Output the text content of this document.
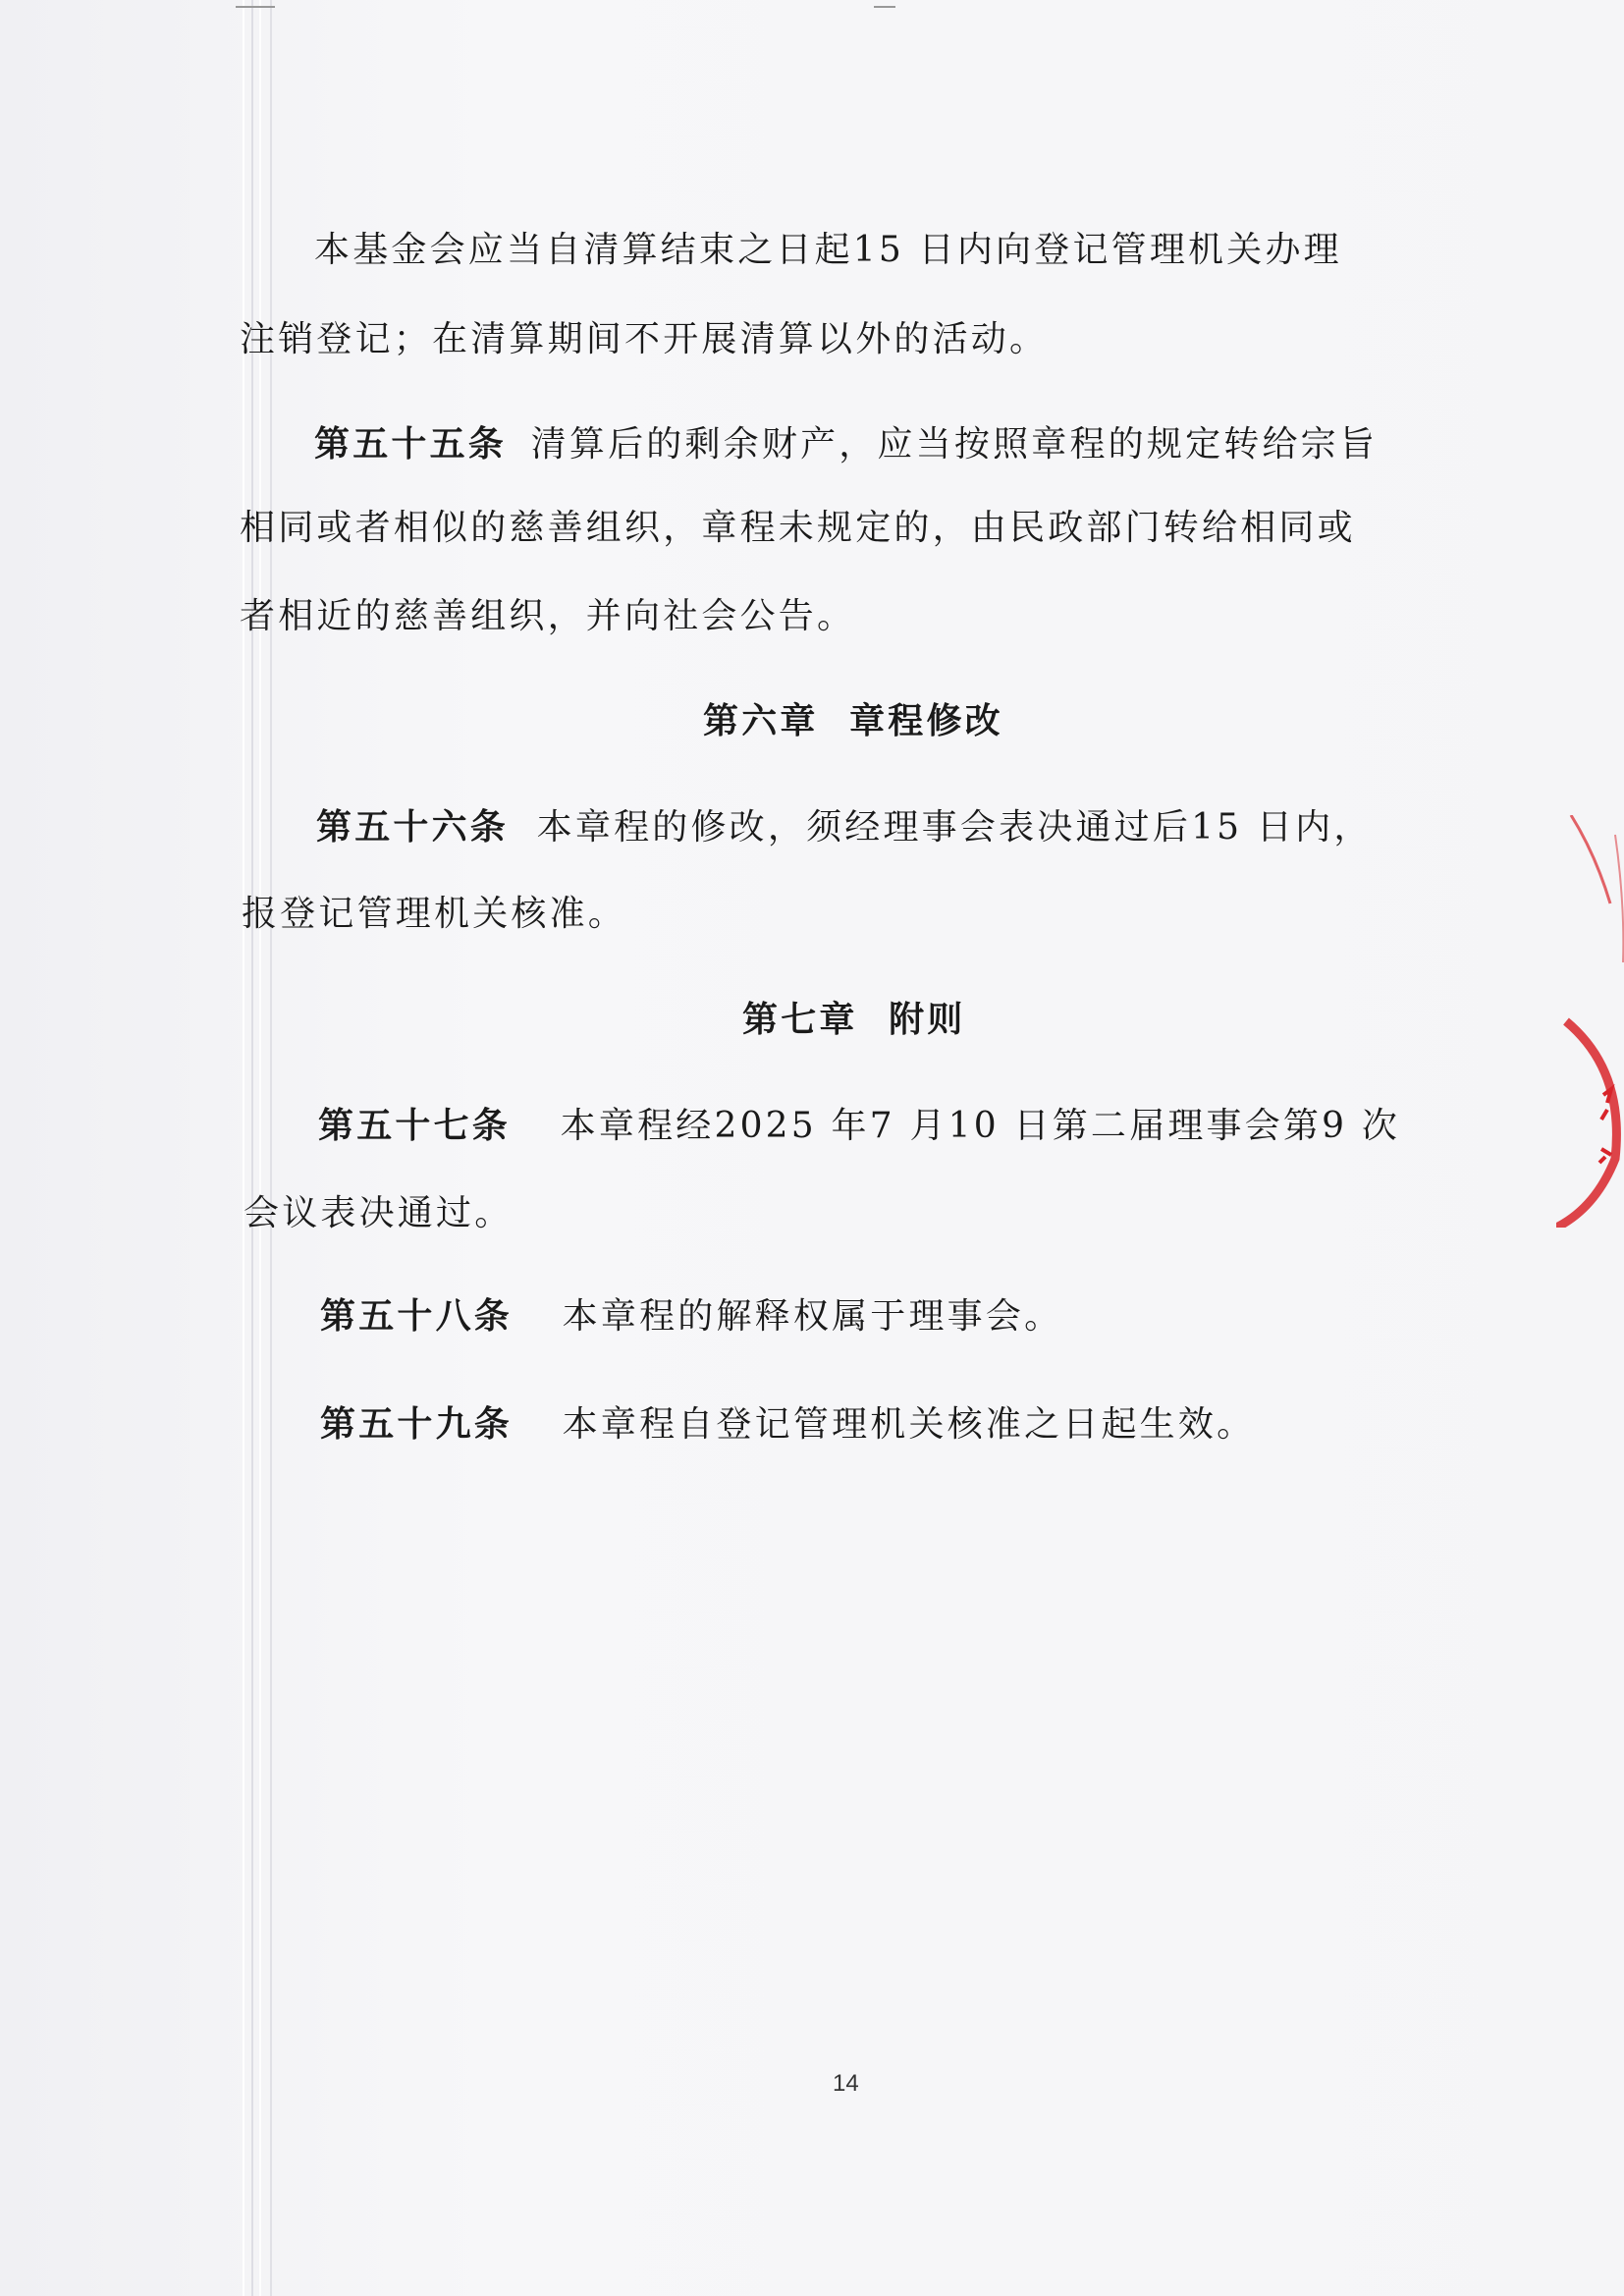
本基金会应当自清算结束之日起15 日内向登记管理机关办理
注销登记；在清算期间不开展清算以外的活动。
第五十五条 清算后的剩余财产，应当按照章程的规定转给宗旨
相同或者相似的慈善组织，章程未规定的，由民政部门转给相同或
者相近的慈善组织，并向社会公告。
第六章  章程修改
第五十六条 本章程的修改，须经理事会表决通过后15 日内，
报登记管理机关核准。
第七章  附则
第五十七条 本章程经2025 年7 月10 日第二届理事会第9 次
会议表决通过。
第五十八条 本章程的解释权属于理事会。
第五十九条 本章程自登记管理机关核准之日起生效。
14
